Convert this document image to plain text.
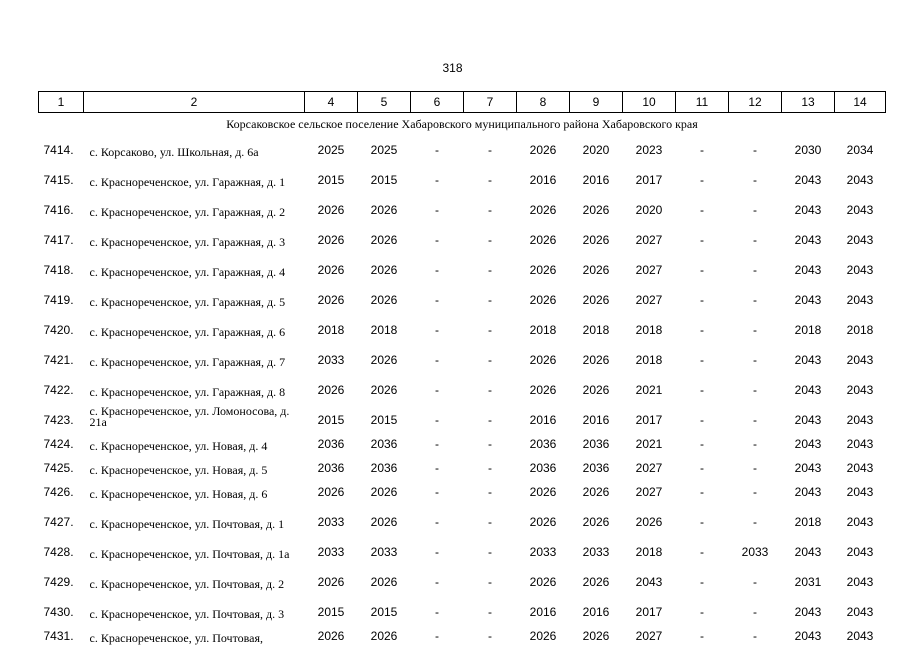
318
1	2	4	5	6	7	8	9	10	11	12	13	14
Корсаковское сельское поселение Хабаровского муниципального района Хабаровского края												
7414.	с. Корсаково, ул. Школьная, д. 6а	2025	2025	-	-	2026	2020	2023	-	-	2030	2034
7415.	с. Краснореченское, ул. Гаражная, д. 1	2015	2015	-	-	2016	2016	2017	-	-	2043	2043
7416.	с. Краснореченское, ул. Гаражная, д. 2	2026	2026	-	-	2026	2026	2020	-	-	2043	2043
7417.	с. Краснореченское, ул. Гаражная, д. 3	2026	2026	-	-	2026	2026	2027	-	-	2043	2043
7418.	с. Краснореченское, ул. Гаражная, д. 4	2026	2026	-	-	2026	2026	2027	-	-	2043	2043
7419.	с. Краснореченское, ул. Гаражная, д. 5	2026	2026	-	-	2026	2026	2027	-	-	2043	2043
7420.	с. Краснореченское, ул. Гаражная, д. 6	2018	2018	-	-	2018	2018	2018	-	-	2018	2018
7421.	с. Краснореченское, ул. Гаражная, д. 7	2033	2026	-	-	2026	2026	2018	-	-	2043	2043
7422.	с. Краснореченское, ул. Гаражная, д. 8	2026	2026	-	-	2026	2026	2021	-	-	2043	2043
7423.	с. Краснореченское, ул. Ломоносова, д. 21а	2015	2015	-	-	2016	2016	2017	-	-	2043	2043
7424.	с. Краснореченское, ул. Новая, д. 4	2036	2036	-	-	2036	2036	2021	-	-	2043	2043
7425.	с. Краснореченское, ул. Новая, д. 5	2036	2036	-	-	2036	2036	2027	-	-	2043	2043
7426.	с. Краснореченское, ул. Новая, д. 6	2026	2026	-	-	2026	2026	2027	-	-	2043	2043
7427.	с. Краснореченское, ул. Почтовая, д. 1	2033	2026	-	-	2026	2026	2026	-	-	2018	2043
7428.	с. Краснореченское, ул. Почтовая, д. 1а	2033	2033	-	-	2033	2033	2018	-	2033	2043	2043
7429.	с. Краснореченское, ул. Почтовая, д. 2	2026	2026	-	-	2026	2026	2043	-	-	2031	2043
7430.	с. Краснореченское, ул. Почтовая, д. 3	2015	2015	-	-	2016	2016	2017	-	-	2043	2043
7431.	с. Краснореченское, ул. Почтовая,	2026	2026	-	-	2026	2026	2027	-	-	2043	2043
